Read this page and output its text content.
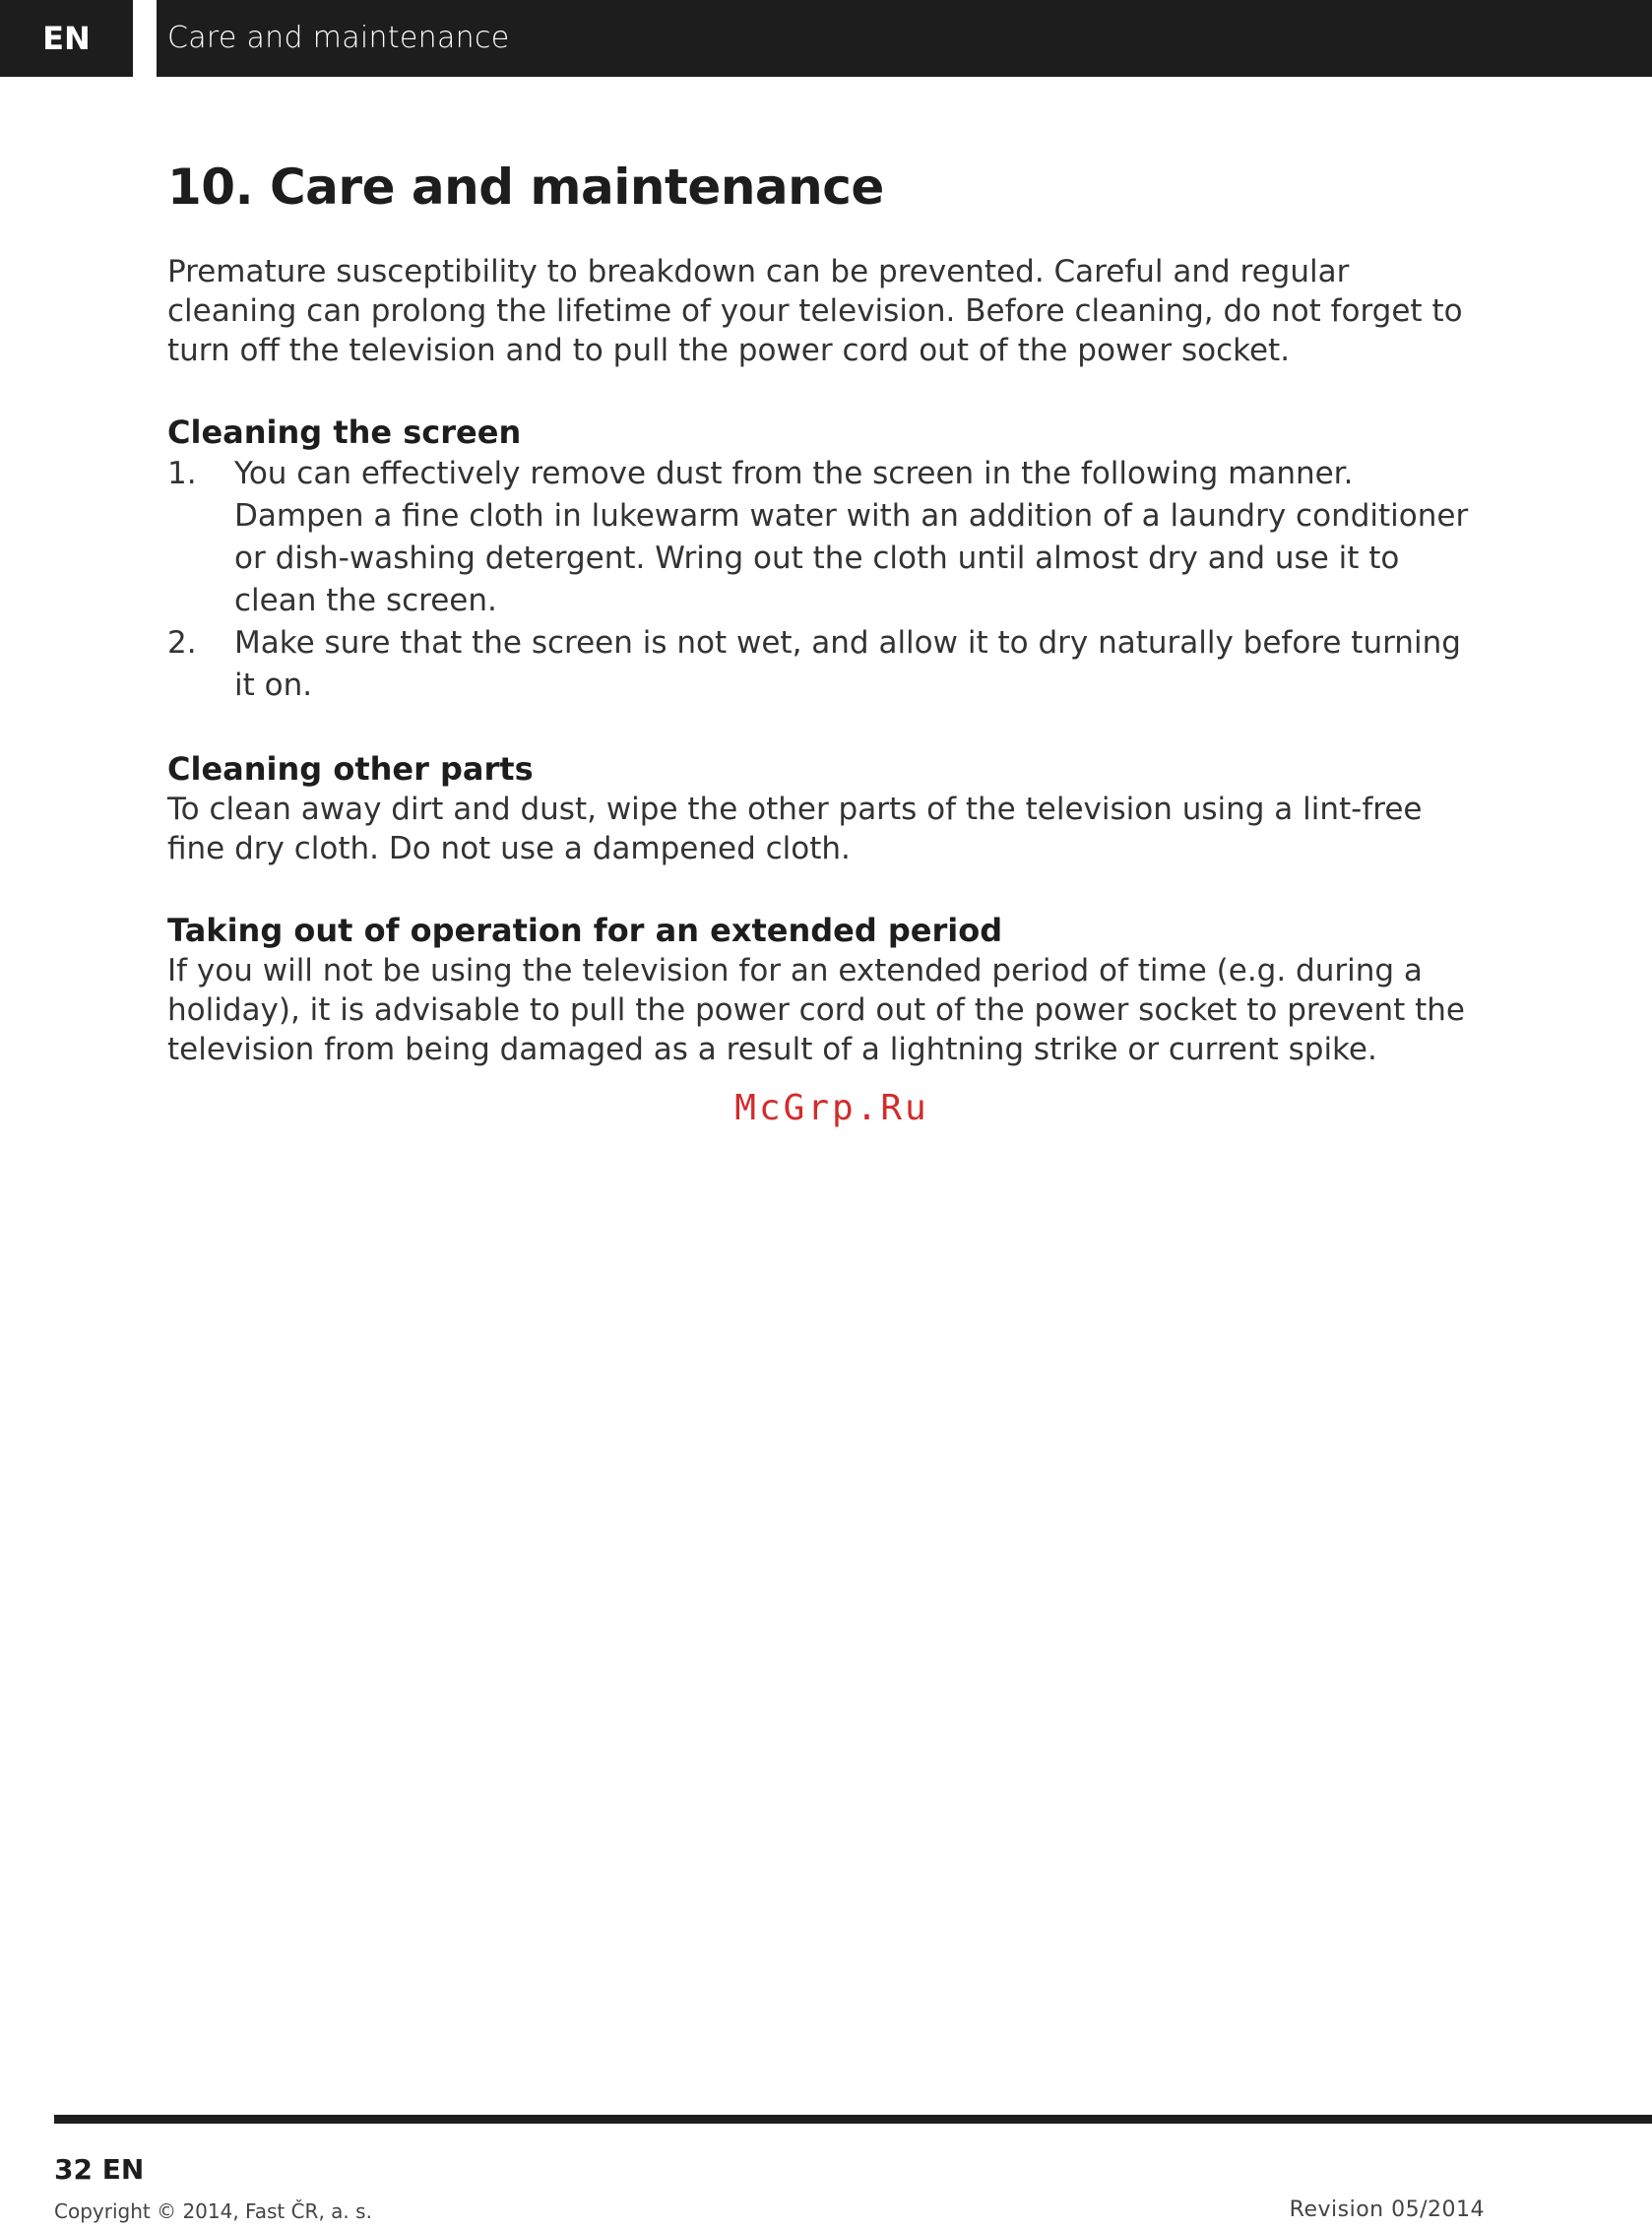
EN	Care and maintenance
10. Care and maintenance

Premature susceptibility to breakdown can be prevented. Careful and regular cleaning can prolong the lifetime of your television. Before cleaning, do not forget to turn off the television and to pull the power cord out of the power socket.

Cleaning the screen
1.	You can effectively remove dust from the screen in the following manner. Dampen a fine cloth in lukewarm water with an addition of a laundry conditioner or dish-washing detergent. Wring out the cloth until almost dry and use it to clean the screen.
2.	Make sure that the screen is not wet, and allow it to dry naturally before turning it on.
Cleaning other parts

To clean away dirt and dust, wipe the other parts of the television using a lint-free fine dry cloth. Do not use a dampened cloth.

Taking out of operation for an extended period

If you will not be using the television for an extended period of time (e.g. during a holiday), it is advisable to pull the power cord out of the power socket to prevent the television from being damaged as a result of a lightning strike or current spike.

McGrp.Ru
32 EN
Copyright © 2014, Fast ČR, a. s.	Revision 05/2014
